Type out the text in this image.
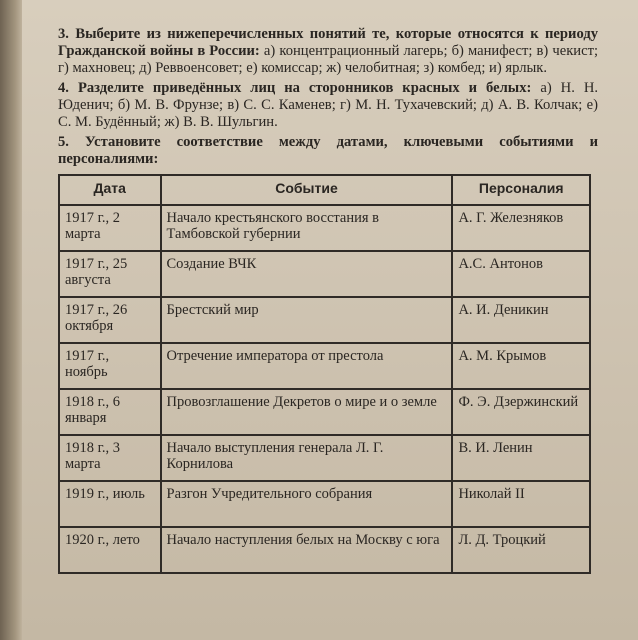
3. Выберите из нижеперечисленных понятий те, которые относятся к периоду Гражданской войны в России: а) концентрационный лагерь; б) манифест; в) чекист; г) махновец; д) Реввоенсовет; е) комиссар; ж) челобитная; з) комбед; и) ярлык.

4. Разделите приведённых лиц на сторонников красных и белых: а) Н. Н. Юденич; б) М. В. Фрунзе; в) С. С. Каменев; г) М. Н. Тухачевский; д) А. В. Колчак; е) С. М. Будённый; ж) В. В. Шульгин.

5. Установите соответствие между датами, ключевыми событиями и персоналиями:

Дата	Событие	Персоналия
1917 г., 2 марта	Начало крестьянского восстания в Тамбовской губернии	А. Г. Железняков
1917 г., 25 августа	Создание ВЧК	А.С. Антонов
1917 г., 26 октября	Брестский мир	А. И. Деникин
1917 г., ноябрь	Отречение императора от престола	А. М. Крымов
1918 г., 6 января	Провозглашение Декретов о мире и о земле	Ф. Э. Дзержинский
1918 г., 3 марта	Начало выступления генерала Л. Г. Корнилова	В. И. Ленин
1919 г., июль	Разгон Учредительного собрания	Николай II
1920 г., лето	Начало наступления белых на Москву с юга	Л. Д. Троцкий
